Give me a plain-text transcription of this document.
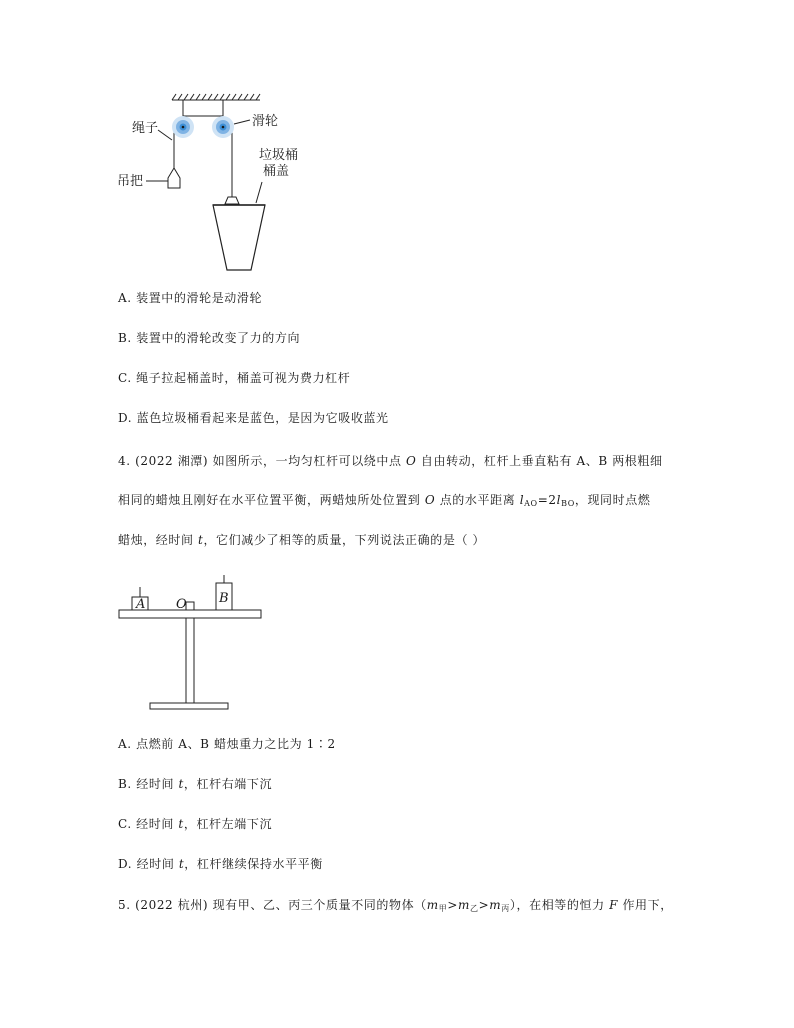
绳子
吊把
滑轮
垃圾桶
桶盖
A. 装置中的滑轮是动滑轮
B. 装置中的滑轮改变了力的方向
C. 绳子拉起桶盖时，桶盖可视为费力杠杆
D. 蓝色垃圾桶看起来是蓝色，是因为它吸收蓝光
4. (2022 湘潭) 如图所示，一均匀杠杆可以绕中点 O 自由转动，杠杆上垂直粘有 A、B 两根粗细
相同的蜡烛且刚好在水平位置平衡，两蜡烛所处位置到 O 点的水平距离 $l_{AO}=2l_{BO}$，现同时点燃
蜡烛，经时间 t，它们减少了相等的质量，下列说法正确的是（ ）
A O B
A. 点燃前 A、B 蜡烛重力之比为 1∶2
B. 经时间 t，杠杆右端下沉
C. 经时间 t，杠杆左端下沉
D. 经时间 t，杠杆继续保持水平平衡
5. (2022 杭州) 现有甲、乙、丙三个质量不同的物体$(m_甲>m_乙>m_丙)$，在相等的恒力 F 作用下，
